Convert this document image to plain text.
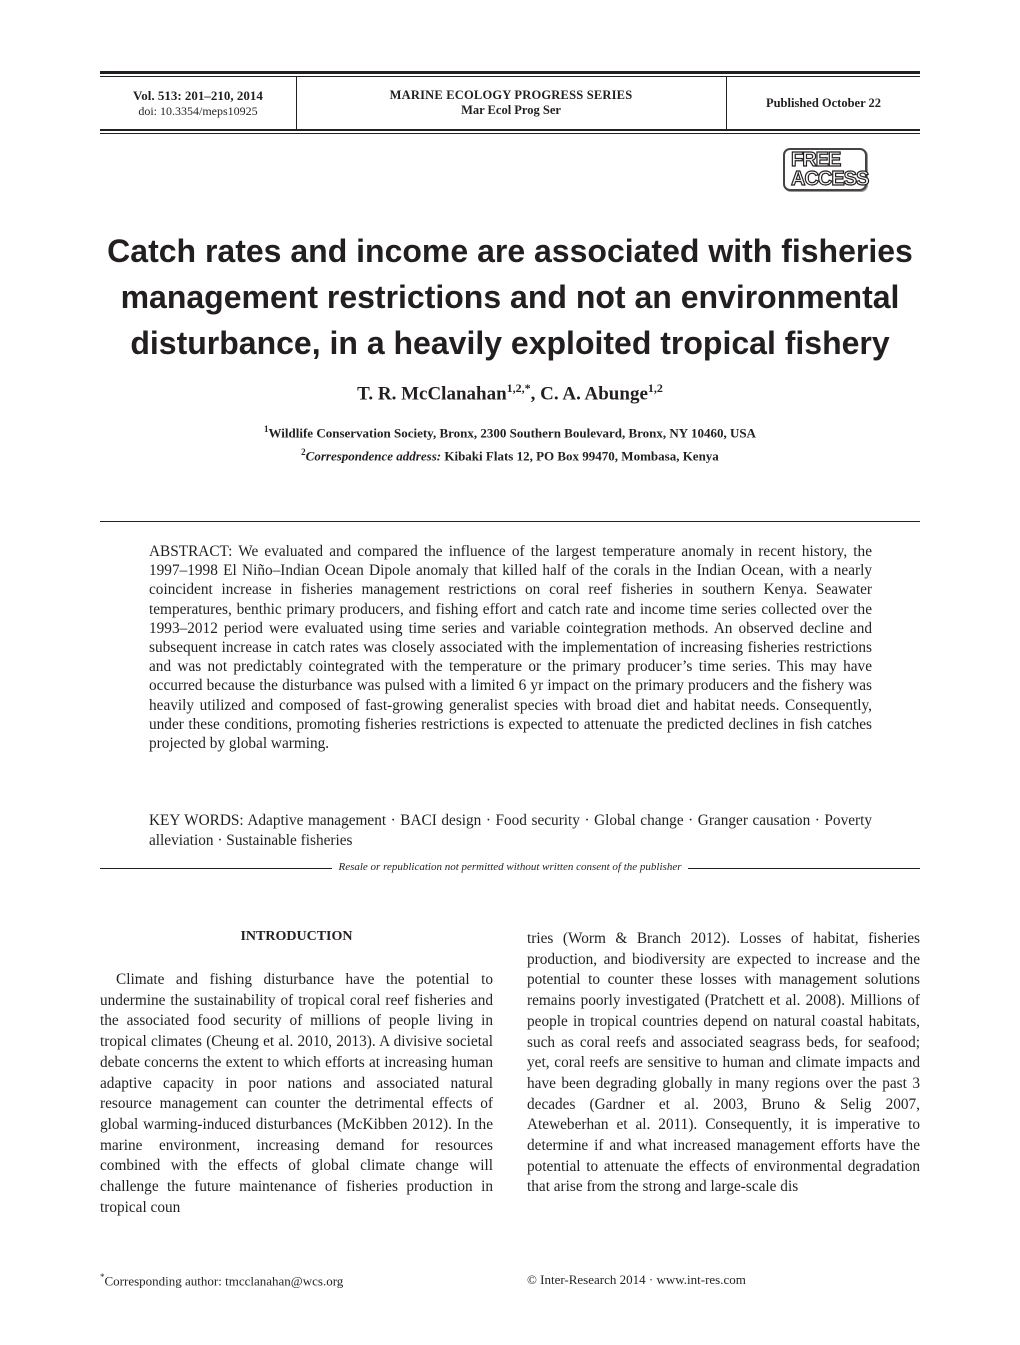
Vol. 513: 201–210, 2014
doi: 10.3354/meps10925
MARINE ECOLOGY PROGRESS SERIES
Mar Ecol Prog Ser
Published October 22
FREE
ACCESS
Catch rates and income are associated with fisheries management restrictions and not an environmental disturbance, in a heavily exploited tropical fishery
T. R. McClanahan$^{1,2,*}$, C. A. Abunge$^{1,2}$
$^1$Wildlife Conservation Society, Bronx, 2300 Southern Boulevard, Bronx, NY 10460, USA
$^2$Correspondence address: Kibaki Flats 12, PO Box 99470, Mombasa, Kenya

ABSTRACT: We evaluated and compared the influence of the largest temperature anomaly in recent history, the 1997–1998 El Niño–Indian Ocean Dipole anomaly that killed half of the corals in the Indian Ocean, with a nearly coincident increase in fisheries management restrictions on coral reef fisheries in southern Kenya. Seawater temperatures, benthic primary producers, and fishing effort and catch rate and income time series collected over the 1993–2012 period were evaluated using time series and variable cointegration methods. An observed decline and subsequent increase in catch rates was closely associated with the implementation of increasing fisheries restrictions and was not predictably cointegrated with the temperature or the primary producer’s time series. This may have occurred because the disturbance was pulsed with a limited 6 yr impact on the primary producers and the fishery was heavily utilized and composed of fast-growing generalist species with broad diet and habitat needs. Consequently, under these conditions, promoting fisheries restrictions is expected to attenuate the predicted declines in fish catches projected by global warming.

KEY WORDS: Adaptive management · BACI design · Food security · Global change · Granger causation · Poverty alleviation · Sustainable fisheries

Resale or republication not permitted without written consent of the publisher
INTRODUCTION

Climate and fishing disturbance have the potential to undermine the sustainability of tropical coral reef fisheries and the associated food security of millions of people living in tropical climates (Cheung et al. 2010, 2013). A divisive societal debate concerns the extent to which efforts at increasing human adaptive capacity in poor nations and associated natural resource management can counter the detrimental effects of global warming-induced disturbances (McKibben 2012). In the marine environment, increasing demand for resources combined with the effects of global climate change will challenge the future maintenance of fisheries production in tropical coun

tries (Worm & Branch 2012). Losses of habitat, fisheries production, and biodiversity are expected to increase and the potential to counter these losses with management solutions remains poorly investigated (Pratchett et al. 2008). Millions of people in tropical countries depend on natural coastal habitats, such as coral reefs and associated seagrass beds, for seafood; yet, coral reefs are sensitive to human and climate impacts and have been degrading globally in many regions over the past 3 decades (Gardner et al. 2003, Bruno & Selig 2007, Ateweberhan et al. 2011). Consequently, it is imperative to determine if and what increased management efforts have the potential to attenuate the effects of environmental degradation that arise from the strong and large-scale dis

*Corresponding author: tmcclanahan@wcs.org	© Inter-Research 2014 · www.int-res.com
